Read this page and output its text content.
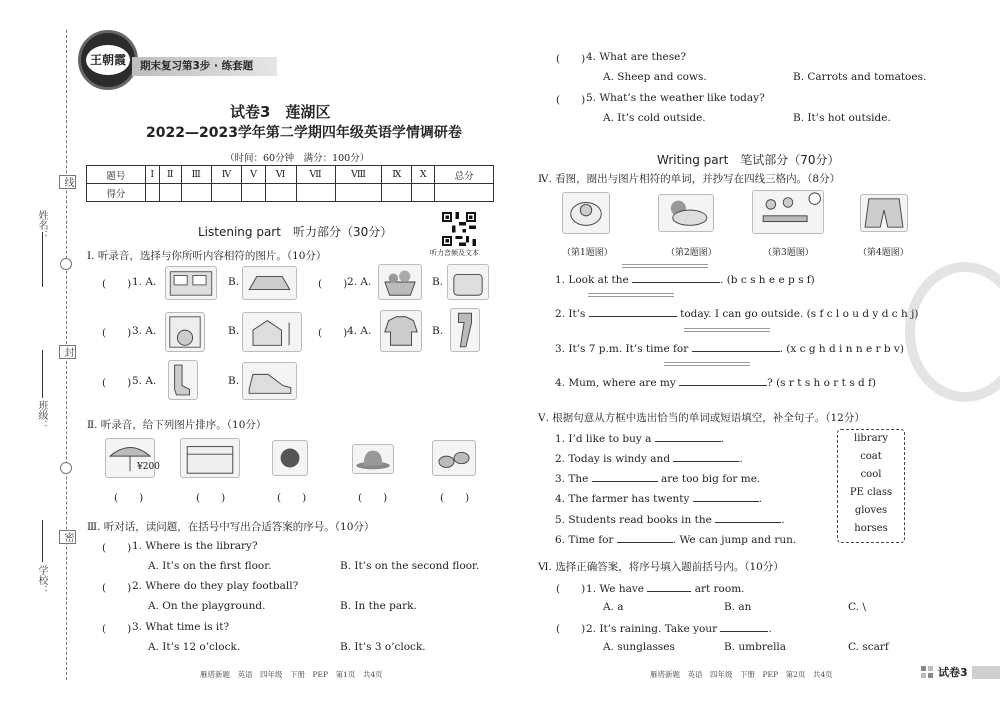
姓名：
班级：
学校：
线
封
密
王朝霞	期末复习第3步 · 练套题
试卷3　莲湖区
2022—2023学年第二学期四年级英语学情调研卷
（时间：60分钟　满分：100分）
题号	Ⅰ	Ⅱ	Ⅲ	Ⅳ	Ⅴ	Ⅵ	Ⅶ	Ⅷ	Ⅸ	Ⅹ	总分
得分											
听力音频及文本
Listening part　听力部分（30分）
Ⅰ. 听录音，选择与你所听内容相符的图片。（10分）
(　　) 1. A.	B.	(　　) 2. A.	B.
(　　) 3. A.	B.	(　　) 4. A.	B.
(　　) 5. A.	B.
Ⅱ. 听录音，给下列图片排序。（10分）
¥200
(　　)	(　　)	(　　)	(　　)	(　　)
Ⅲ. 听对话，读问题，在括号中写出合适答案的序号。（10分）
(　　) 1. Where is the library?
A. It’s on the first floor.	B. It’s on the second floor.
(　　) 2. Where do they play football?
A. On the playground.	B. In the park.
(　　) 3. What time is it?
A. It’s 12 o’clock.	B. It’s 3 o’clock.
雁塔新题　英语　四年级　下册　PEP　第1页　共4页
(　　) 4. What are these?
A. Sheep and cows.	B. Carrots and tomatoes.
(　　) 5. What’s the weather like today?
A. It’s cold outside.	B. It’s hot outside.
Writing part　笔试部分（70分）
Ⅳ. 看图，圈出与图片相符的单词，并抄写在四线三格内。（8分）
（第1题图）	（第2题图）	（第3题图）	（第4题图）
1. Look at the	. (b c s h e e p s f)
2. It’s	today. I can go outside. (s f c l o u d y d c h j)
3. It’s 7 p.m. It’s time for	. (x c g h d i n n e r b v)
4. Mum, where are my	? (s r t s h o r t s d f)
Ⅴ. 根据句意从方框中选出恰当的单词或短语填空，补全句子。（12分）
1. I’d like to buy a	.
2. Today is windy and	.
3. The	are too big for me.
4. The farmer has twenty	.
5. Students read books in the	.
6. Time for	. We can jump and run.
library
coat
cool
PE class
gloves
horses
Ⅵ. 选择正确答案，将序号填入题前括号内。（10分）
(　　) 1. We have	art room.
A. a	B. an	C. \
(　　) 2. It’s raining. Take your	.
A. sunglasses	B. umbrella	C. scarf
雁塔新题　英语　四年级　下册　PEP　第2页　共4页	试卷3
